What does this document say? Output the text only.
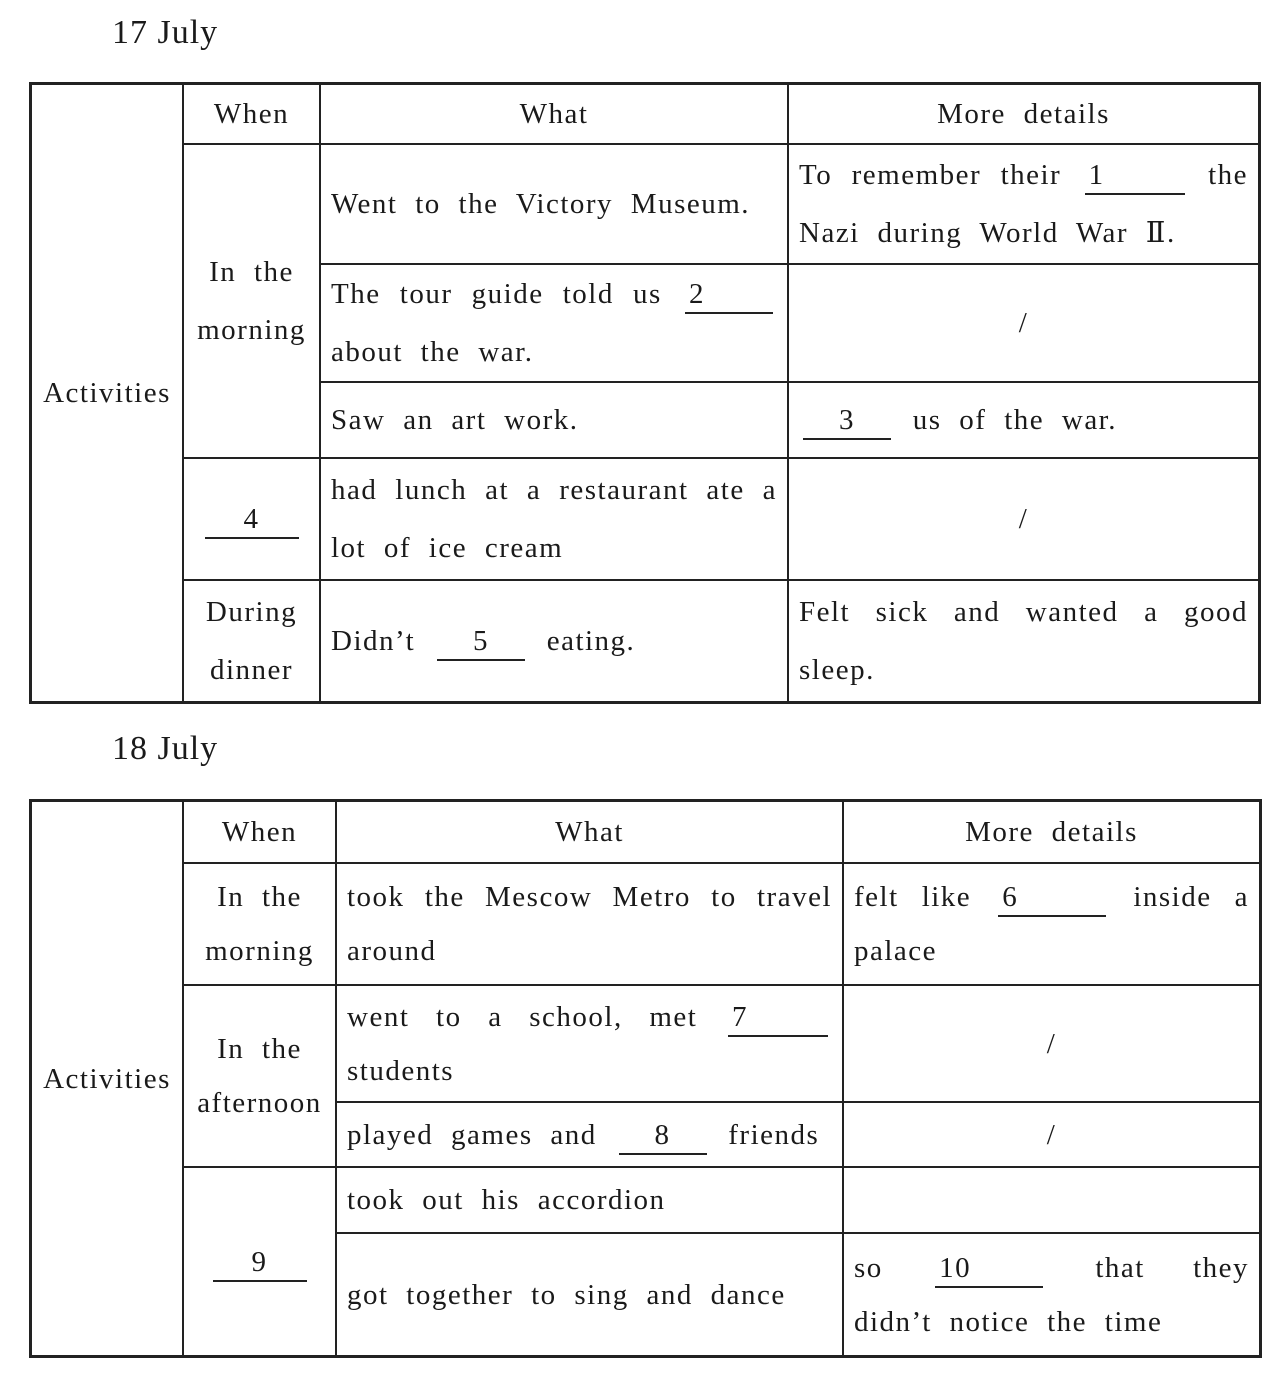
17 July
Activities	When	What	More details
	In the morning	Went to the Victory Museum.	To remember their 1 the Nazi during World War Ⅱ.
		The tour guide told us 2 about the war.	/
		Saw an art work.	3 us of the war.
	4	had lunch at a restaurant ate a lot of ice cream	/
	During dinner	Didn’t 5 eating.	Felt sick and wanted a good sleep.
18 July
Activities	When	What	More details
	In the morning	took the Mescow Metro to travel around	felt like 6 inside a palace
	In the afternoon	went to a school, met 7 students	/
		played games and 8 friends	/
	9	took out his accordion	
		got together to sing and dance	so 10 that they didn’t notice the time
